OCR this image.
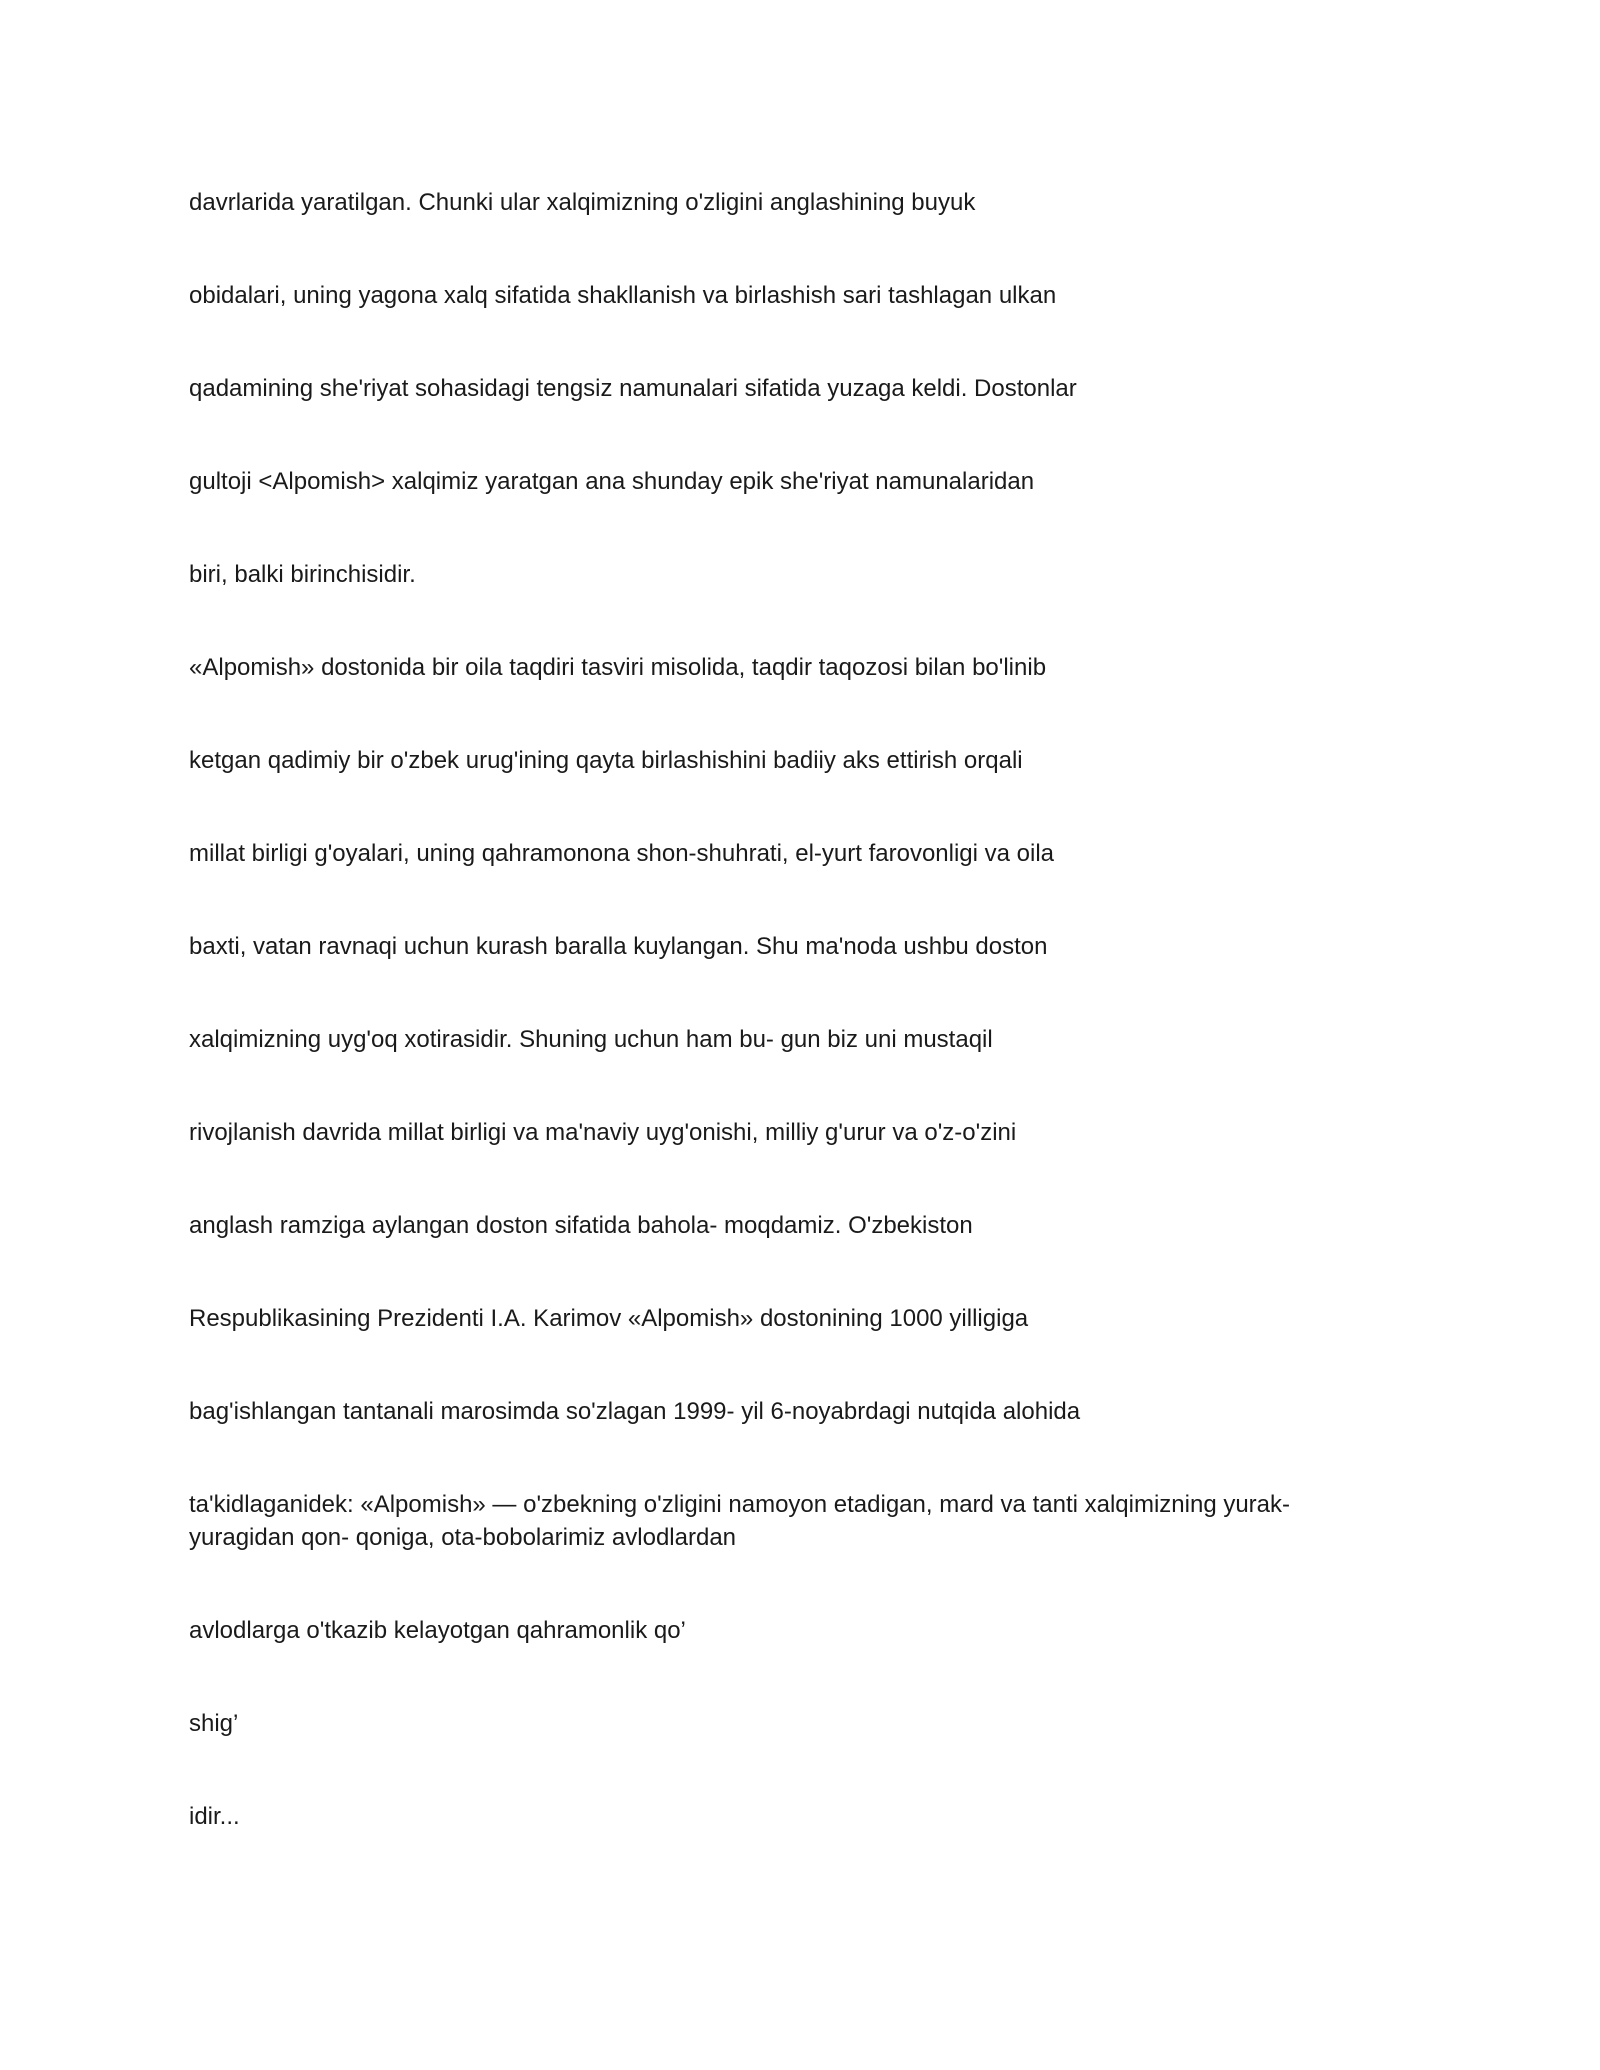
davrlarida yaratilgan. Chunki ular xalqimizning o'zligini anglashining buyuk

obidalari, uning yagona xalq sifatida shakllanish va birlashish sari tashlagan ulkan

qadamining she'riyat sohasidagi tengsiz namunalari sifatida yuzaga keldi. Dostonlar

gultoji <Alpomish> xalqimiz yaratgan ana shunday epik she'riyat namunalaridan

biri, balki birinchisidir.

«Alpomish» dostonida bir oila taqdiri tasviri misolida, taqdir taqozosi bilan bo'linib

ketgan qadimiy bir o'zbek urug'ining qayta birlashishini badiiy aks ettirish orqali

millat birligi g'oyalari, uning qahramonona shon-shuhrati, el-yurt farovonligi va oila

baxti, vatan ravnaqi uchun kurash baralla kuylangan. Shu ma'noda ushbu doston

xalqimizning uyg'oq xotirasidir. Shuning uchun ham bu- gun biz uni mustaqil

rivojlanish davrida millat birligi va ma'naviy uyg'onishi, milliy g'urur va o'z-o'zini

anglash ramziga aylangan doston sifatida bahola- moqdamiz. O'zbekiston

Respublikasining Prezidenti I.A. Karimov «Alpomish» dostonining 1000 yilligiga

bag'ishlangan tantanali marosimda so'zlagan 1999- yil 6-noyabrdagi nutqida alohida

ta'kidlaganidek: «Alpomish» — o'zbekning o'zligini namoyon etadigan, mard va tanti xalqimizning yurak-yuragidan qon- qoniga, ota-bobolarimiz avlodlardan

avlodlarga o'tkazib kelayotgan qahramonlik qo’

shig’

idir...
